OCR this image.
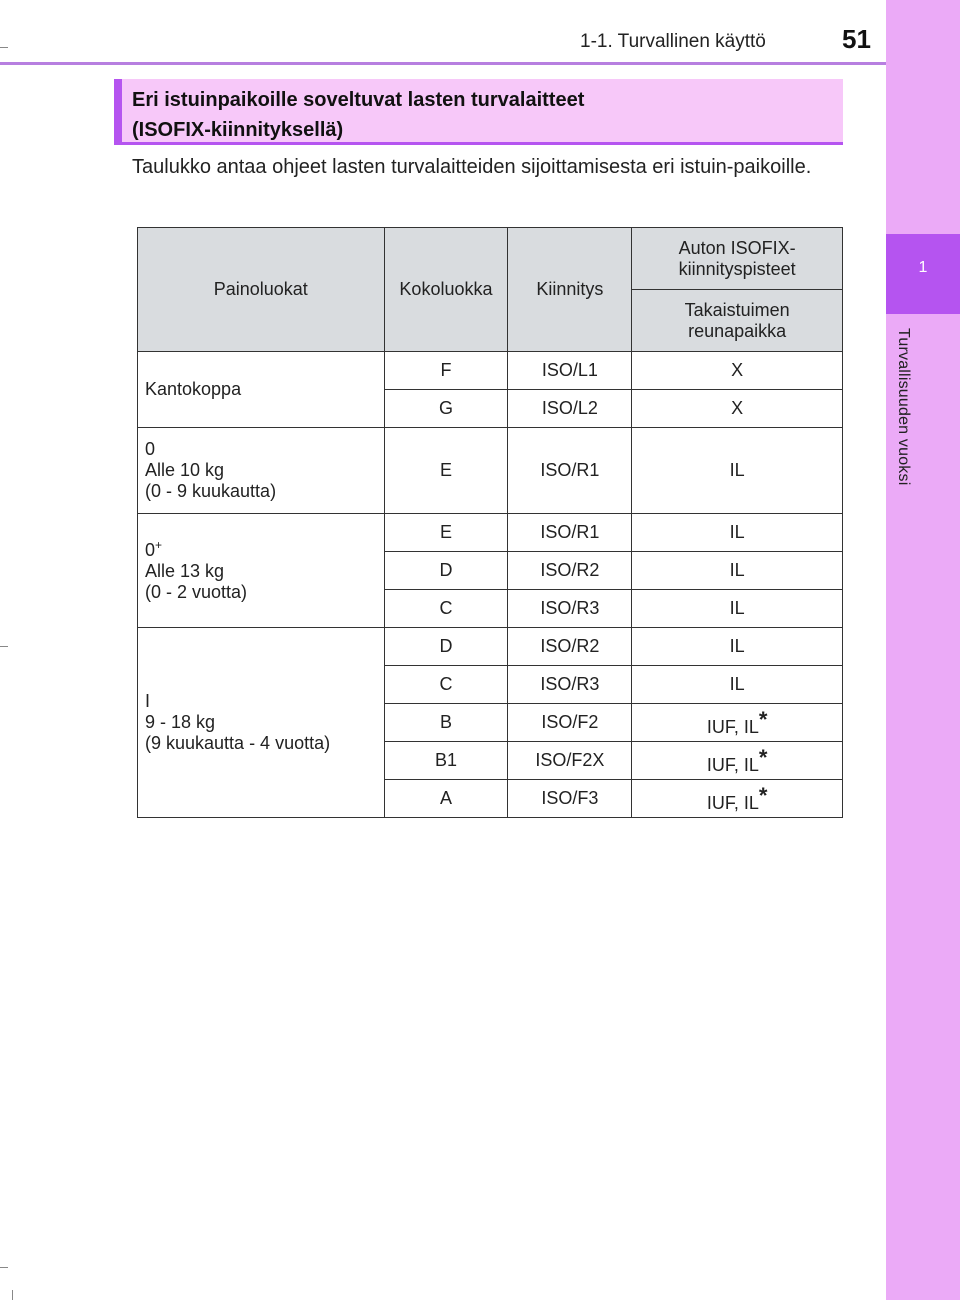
1-1. Turvallinen käyttö	51
1
Turvallisuuden vuoksi

Eri istuinpaikoille soveltuvat lasten turvalaitteet

(ISOFIX-kiinnityksellä)

Taulukko antaa ohjeet lasten turvalaitteiden sijoittamisesta eri istuin-paikoille.
Painoluokat	Kokoluokka	Kiinnitys	Auton ISOFIX-kiinnityspisteet
			Takaistuimen reunapaikka
Kantokoppa	F	ISO/L1	X
	G	ISO/L2	X
0
Alle 10 kg
(0 - 9 kuukautta)	E	ISO/R1	IL
0+
Alle 13 kg
(0 - 2 vuotta)	E	ISO/R1	IL
	D	ISO/R2	IL
	C	ISO/R3	IL
I
9 - 18 kg
(9 kuukautta - 4 vuotta)	D	ISO/R2	IL
	C	ISO/R3	IL
	B	ISO/F2	IUF, IL*
	B1	ISO/F2X	IUF, IL*
	A	ISO/F3	IUF, IL*
